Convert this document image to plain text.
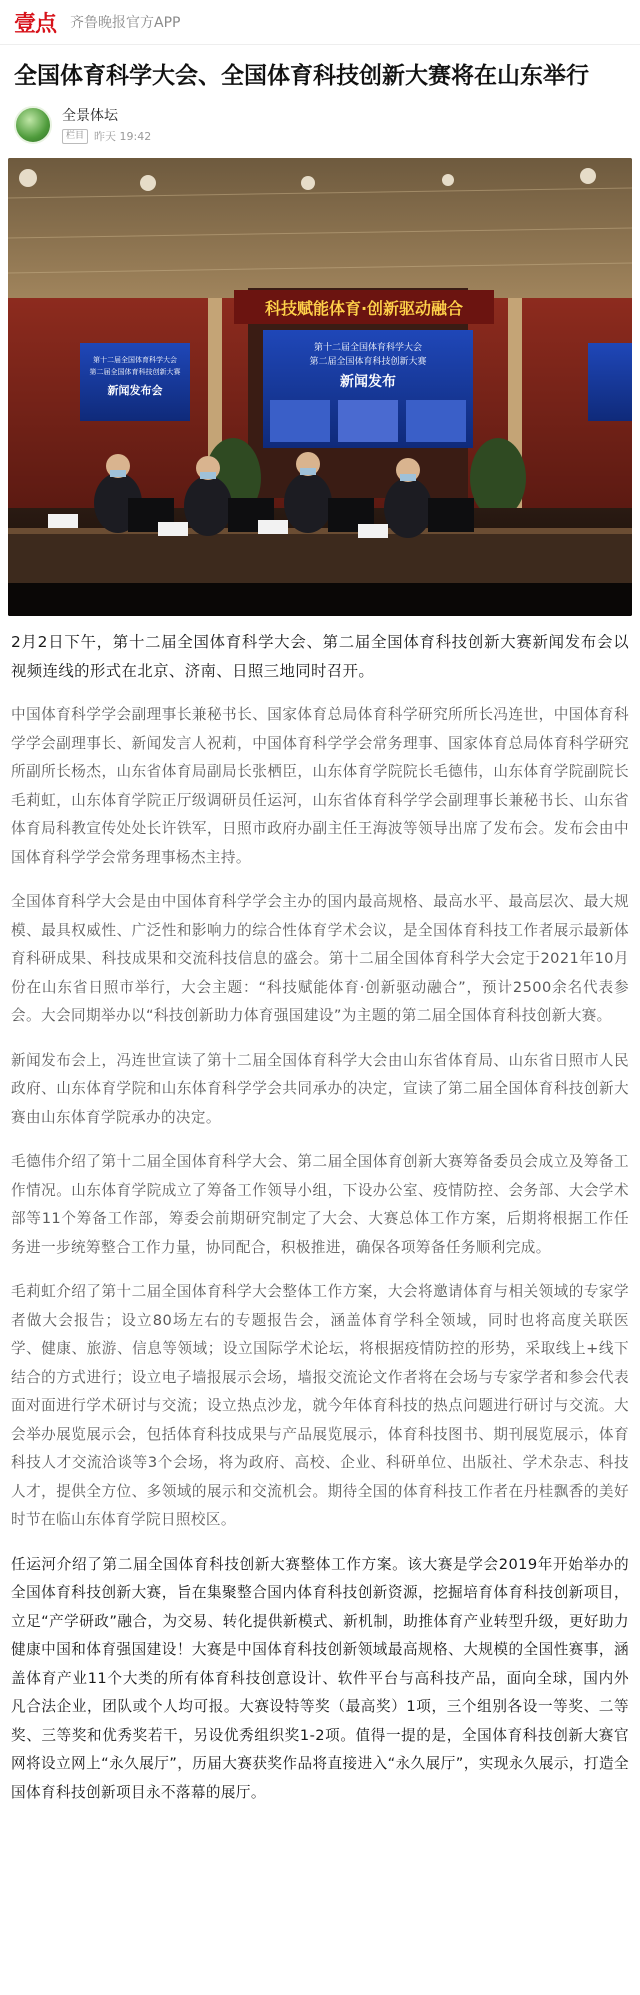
壹点 齐鲁晚报官方APP
全国体育科学大会、全国体育科技创新大赛将在山东举行
全景体坛
栏目 昨天 19:42
科技赋能体育·创新驱动融合
第十二届全国体育科学大会
第二届全国体育科技创新大赛
新闻发布
第十二届全国体育科学大会
第二届全国体育科技创新大赛
新闻发布会

2月2日下午，第十二届全国体育科学大会、第二届全国体育科技创新大赛新闻发布会以视频连线的形式在北京、济南、日照三地同时召开。

中国体育科学学会副理事长兼秘书长、国家体育总局体育科学研究所所长冯连世，中国体育科学学会副理事长、新闻发言人祝莉，中国体育科学学会常务理事、国家体育总局体育科学研究所副所长杨杰，山东省体育局副局长张栖臣，山东体育学院院长毛德伟，山东体育学院副院长毛莉虹，山东体育学院正厅级调研员任运河，山东省体育科学学会副理事长兼秘书长、山东省体育局科教宣传处处长许铁军，日照市政府办副主任王海波等领导出席了发布会。发布会由中国体育科学学会常务理事杨杰主持。

全国体育科学大会是由中国体育科学学会主办的国内最高规格、最高水平、最高层次、最大规模、最具权威性、广泛性和影响力的综合性体育学术会议，是全国体育科技工作者展示最新体育科研成果、科技成果和交流科技信息的盛会。第十二届全国体育科学大会定于2021年10月份在山东省日照市举行，大会主题：“科技赋能体育·创新驱动融合”，预计2500余名代表参会。大会同期举办以“科技创新助力体育强国建设”为主题的第二届全国体育科技创新大赛。

新闻发布会上，冯连世宣读了第十二届全国体育科学大会由山东省体育局、山东省日照市人民政府、山东体育学院和山东体育科学学会共同承办的决定，宣读了第二届全国体育科技创新大赛由山东体育学院承办的决定。

毛德伟介绍了第十二届全国体育科学大会、第二届全国体育创新大赛筹备委员会成立及筹备工作情况。山东体育学院成立了筹备工作领导小组，下设办公室、疫情防控、会务部、大会学术部等11个筹备工作部，筹委会前期研究制定了大会、大赛总体工作方案，后期将根据工作任务进一步统筹整合工作力量，协同配合，积极推进，确保各项筹备任务顺利完成。

毛莉虹介绍了第十二届全国体育科学大会整体工作方案，大会将邀请体育与相关领域的专家学者做大会报告；设立80场左右的专题报告会，涵盖体育学科全领域，同时也将高度关联医学、健康、旅游、信息等领域；设立国际学术论坛，将根据疫情防控的形势，采取线上+线下结合的方式进行；设立电子墙报展示会场，墙报交流论文作者将在会场与专家学者和参会代表面对面进行学术研讨与交流；设立热点沙龙，就今年体育科技的热点问题进行研讨与交流。大会举办展览展示会，包括体育科技成果与产品展览展示，体育科技图书、期刊展览展示，体育科技人才交流洽谈等3个会场，将为政府、高校、企业、科研单位、出版社、学术杂志、科技人才，提供全方位、多领域的展示和交流机会。期待全国的体育科技工作者在丹桂飘香的美好时节在临山东体育学院日照校区。

任运河介绍了第二届全国体育科技创新大赛整体工作方案。该大赛是学会2019年开始举办的全国体育科技创新大赛，旨在集聚整合国内体育科技创新资源，挖掘培育体育科技创新项目，立足“产学研政”融合，为交易、转化提供新模式、新机制，助推体育产业转型升级，更好助力健康中国和体育强国建设！大赛是中国体育科技创新领域最高规格、大规模的全国性赛事，涵盖体育产业11个大类的所有体育科技创意设计、软件平台与高科技产品，面向全球，国内外凡合法企业，团队或个人均可报。大赛设特等奖（最高奖）1项，三个组别各设一等奖、二等奖、三等奖和优秀奖若干，另设优秀组织奖1-2项。值得一提的是，全国体育科技创新大赛官网将设立网上“永久展厅”，历届大赛获奖作品将直接进入“永久展厅”，实现永久展示，打造全国体育科技创新项目永不落幕的展厅。
